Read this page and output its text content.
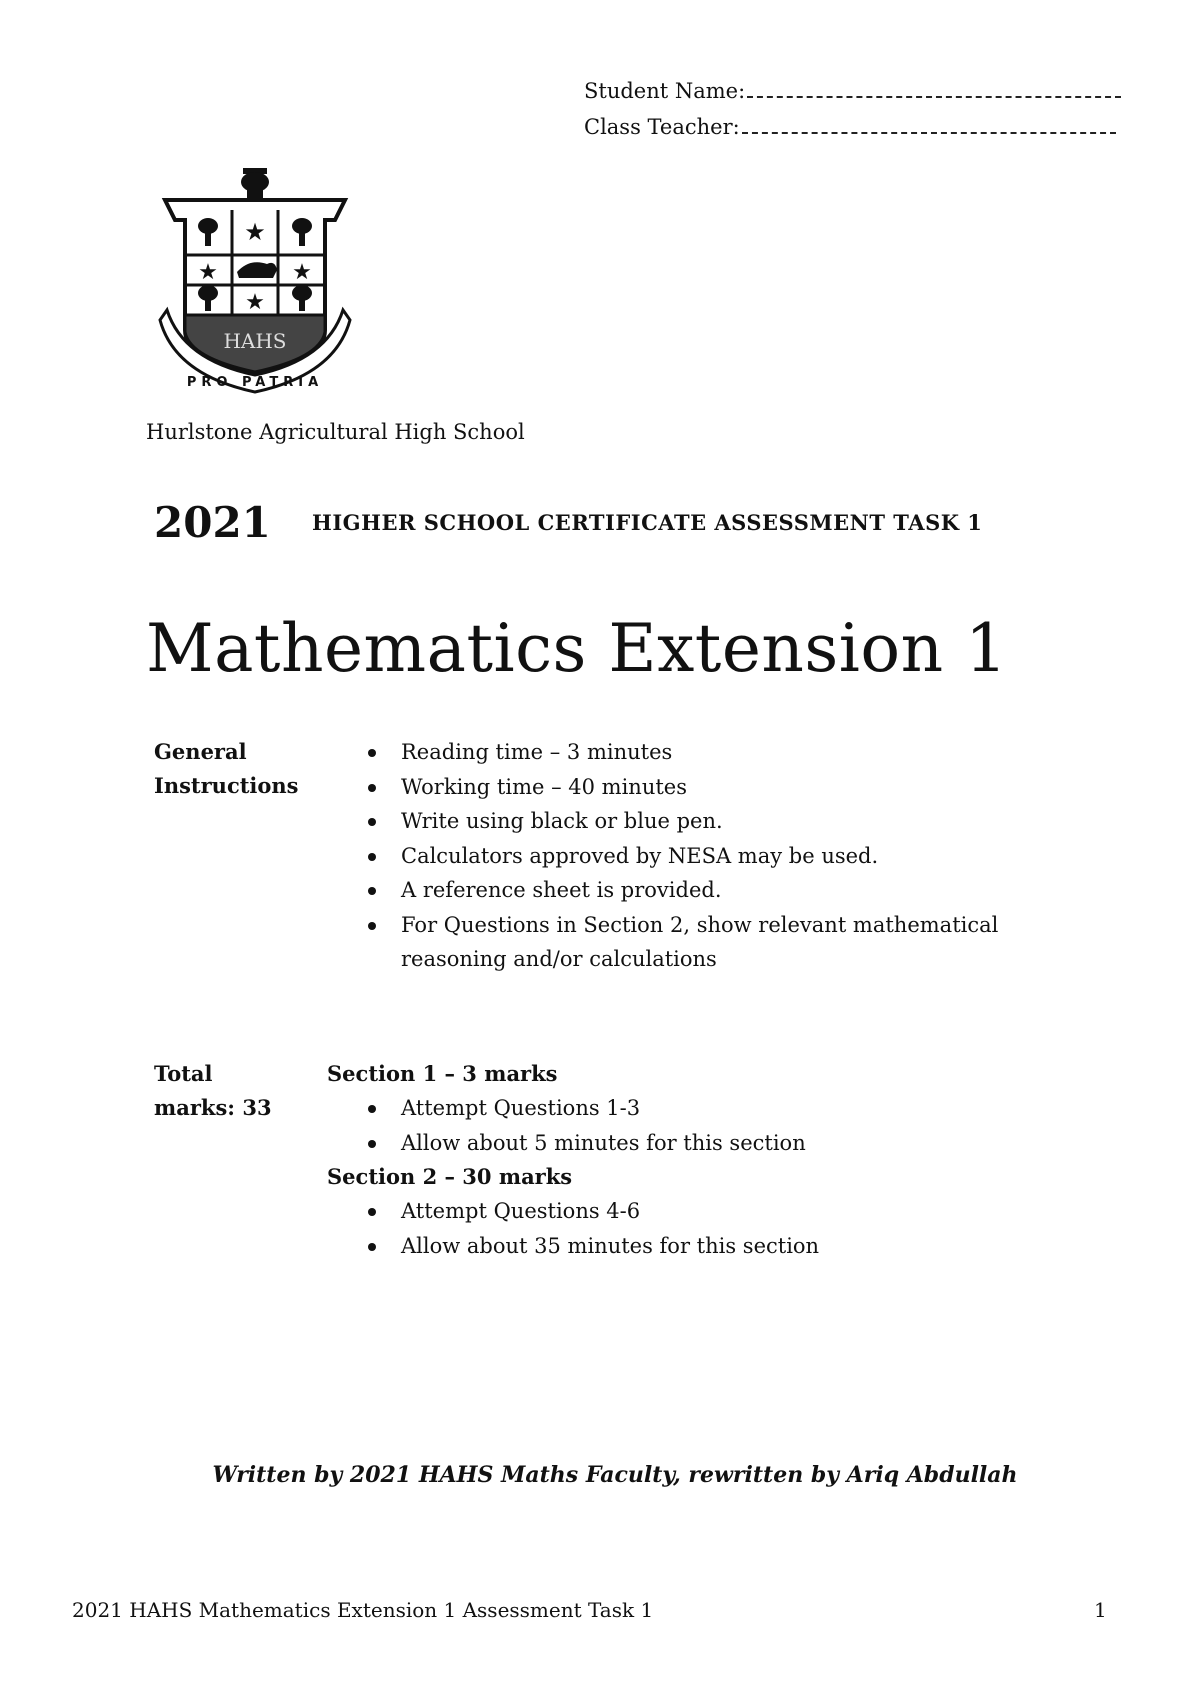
Student Name:
Class Teacher:
★
★	★
★
HAHS
PRO PATRIA
Hurlstone Agricultural High School
2021 HIGHER SCHOOL CERTIFICATE ASSESSMENT TASK 1
Mathematics Extension 1
General
Instructions
Reading time – 3 minutes
Working time – 40 minutes
Write using black or blue pen.
Calculators approved by NESA may be used.
A reference sheet is provided.
For Questions in Section 2, show relevant mathematical reasoning and/or calculations
Total
marks: 33
Section 1 – 3 marks
Attempt Questions 1-3
Allow about 5 minutes for this section
Section 2 – 30 marks
Attempt Questions 4-6
Allow about 35 minutes for this section
Written by 2021 HAHS Maths Faculty, rewritten by Ariq Abdullah
2021 HAHS Mathematics Extension 1 Assessment Task 1	1
